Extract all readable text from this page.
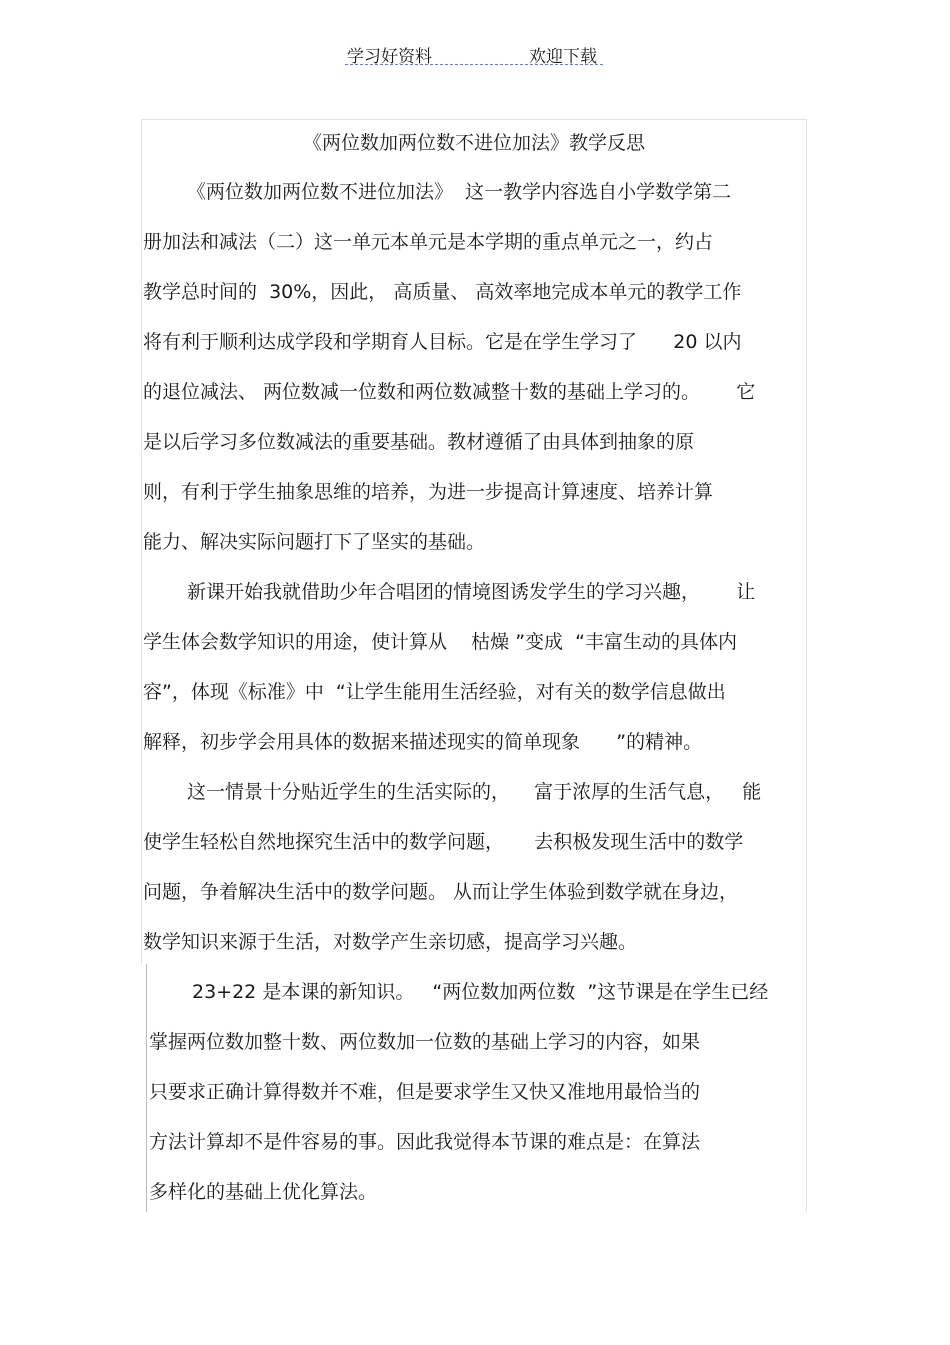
学习好资料	欢迎下载
《两位数加两位数不进位加法》教学反思
《两位数加两位数不进位加法》  这一教学内容选自小学数学第二
册加法和减法（二）这一单元本单元是本学期的重点单元之一，约占
教学总时间的  30%，因此， 高质量、 高效率地完成本单元的教学工作
将有利于顺利达成学段和学期育人目标。它是在学生学习了      20 以内
的退位减法、 两位数减一位数和两位数减整十数的基础上学习的。      它
是以后学习多位数减法的重要基础。教材遵循了由具体到抽象的原
则，有利于学生抽象思维的培养，为进一步提高计算速度、培养计算
能力、解决实际问题打下了坚实的基础。
新课开始我就借助少年合唱团的情境图诱发学生的学习兴趣，      让
学生体会数学知识的用途，使计算从    枯燥 ”变成  “丰富生动的具体内
容”，体现《标准》中  “让学生能用生活经验，对有关的数学信息做出
解释，初步学会用具体的数据来描述现实的简单现象      ”的精神。
这一情景十分贴近学生的生活实际的，    富于浓厚的生活气息，   能
使学生轻松自然地探究生活中的数学问题，     去积极发现生活中的数学
问题，争着解决生活中的数学问题。 从而让学生体验到数学就在身边，
数学知识来源于生活，对数学产生亲切感，提高学习兴趣。
23+22 是本课的新知识。   “两位数加两位数  ”这节课是在学生已经
掌握两位数加整十数、两位数加一位数的基础上学习的内容，如果
只要求正确计算得数并不难，但是要求学生又快又准地用最恰当的
方法计算却不是件容易的事。因此我觉得本节课的难点是：在算法
多样化的基础上优化算法。
